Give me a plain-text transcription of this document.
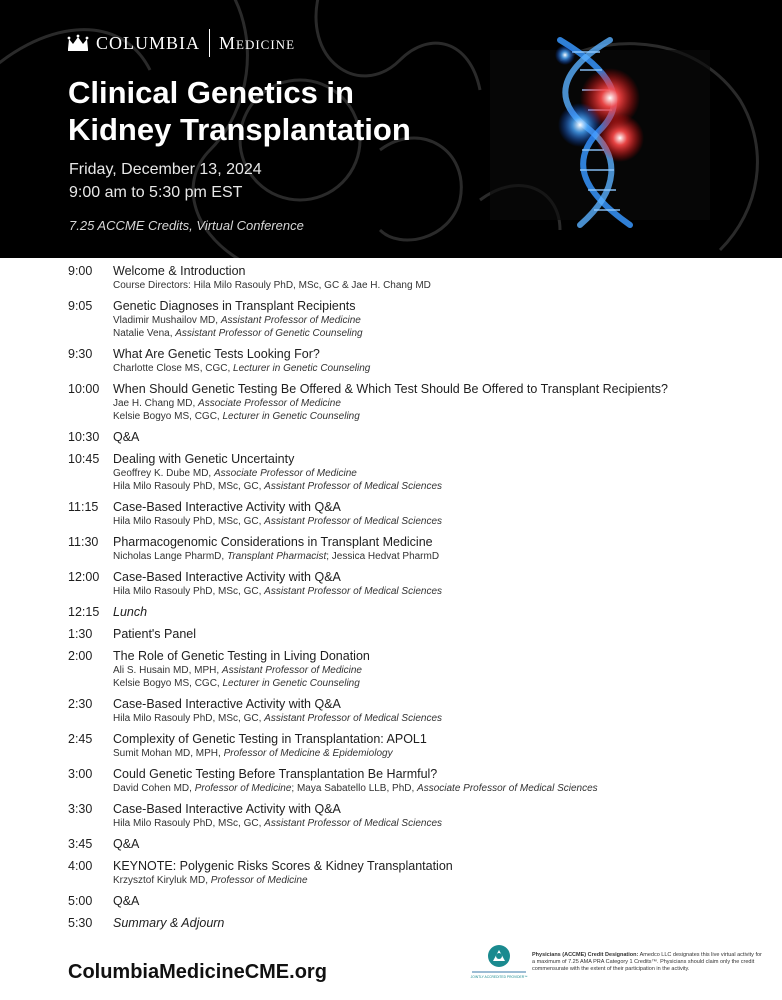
COLUMBIA Medicine
Clinical Genetics in
Kidney Transplantation
Friday, December 13, 2024
9:00 am to 5:30 pm EST
7.25 ACCME Credits, Virtual Conference
9:00 Welcome & Introduction
Course Directors: Hila Milo Rasouly PhD, MSc, GC & Jae H. Chang MD
9:05 Genetic Diagnoses in Transplant Recipients
Vladimir Mushailov MD, Assistant Professor of Medicine
Natalie Vena, Assistant Professor of Genetic Counseling
9:30 What Are Genetic Tests Looking For?
Charlotte Close MS, CGC, Lecturer in Genetic Counseling
10:00 When Should Genetic Testing Be Offered & Which Test Should Be Offered to Transplant Recipients?
Jae H. Chang MD, Associate Professor of Medicine
Kelsie Bogyo MS, CGC, Lecturer in Genetic Counseling
10:30 Q&A
10:45 Dealing with Genetic Uncertainty
Geoffrey K. Dube MD, Associate Professor of Medicine
Hila Milo Rasouly PhD, MSc, GC, Assistant Professor of Medical Sciences
11:15 Case-Based Interactive Activity with Q&A
Hila Milo Rasouly PhD, MSc, GC, Assistant Professor of Medical Sciences
11:30 Pharmacogenomic Considerations in Transplant Medicine
Nicholas Lange PharmD, Transplant Pharmacist; Jessica Hedvat PharmD
12:00 Case-Based Interactive Activity with Q&A
Hila Milo Rasouly PhD, MSc, GC, Assistant Professor of Medical Sciences
12:15 Lunch
1:30 Patient's Panel
2:00 The Role of Genetic Testing in Living Donation
Ali S. Husain MD, MPH, Assistant Professor of Medicine
Kelsie Bogyo MS, CGC, Lecturer in Genetic Counseling
2:30 Case-Based Interactive Activity with Q&A
Hila Milo Rasouly PhD, MSc, GC, Assistant Professor of Medical Sciences
2:45 Complexity of Genetic Testing in Transplantation: APOL1
Sumit Mohan MD, MPH, Professor of Medicine & Epidemiology
3:00 Could Genetic Testing Before Transplantation Be Harmful?
David Cohen MD, Professor of Medicine; Maya Sabatello LLB, PhD, Associate Professor of Medical Sciences
3:30 Case-Based Interactive Activity with Q&A
Hila Milo Rasouly PhD, MSc, GC, Assistant Professor of Medical Sciences
3:45 Q&A
4:00 KEYNOTE: Polygenic Risks Scores & Kidney Transplantation
Krzysztof Kiryluk MD, Professor of Medicine
5:00 Q&A
5:30 Summary & Adjourn
ColumbiaMedicineCME.org	JOINTLY ACCREDITED PROVIDER™
Physicians (ACCME) Credit Designation: Amedco LLC designates this live virtual activity for a maximum of 7.25 AMA PRA Category 1 Credits™. Physicians should claim only the credit commensurate with the extent of their participation in the activity.
